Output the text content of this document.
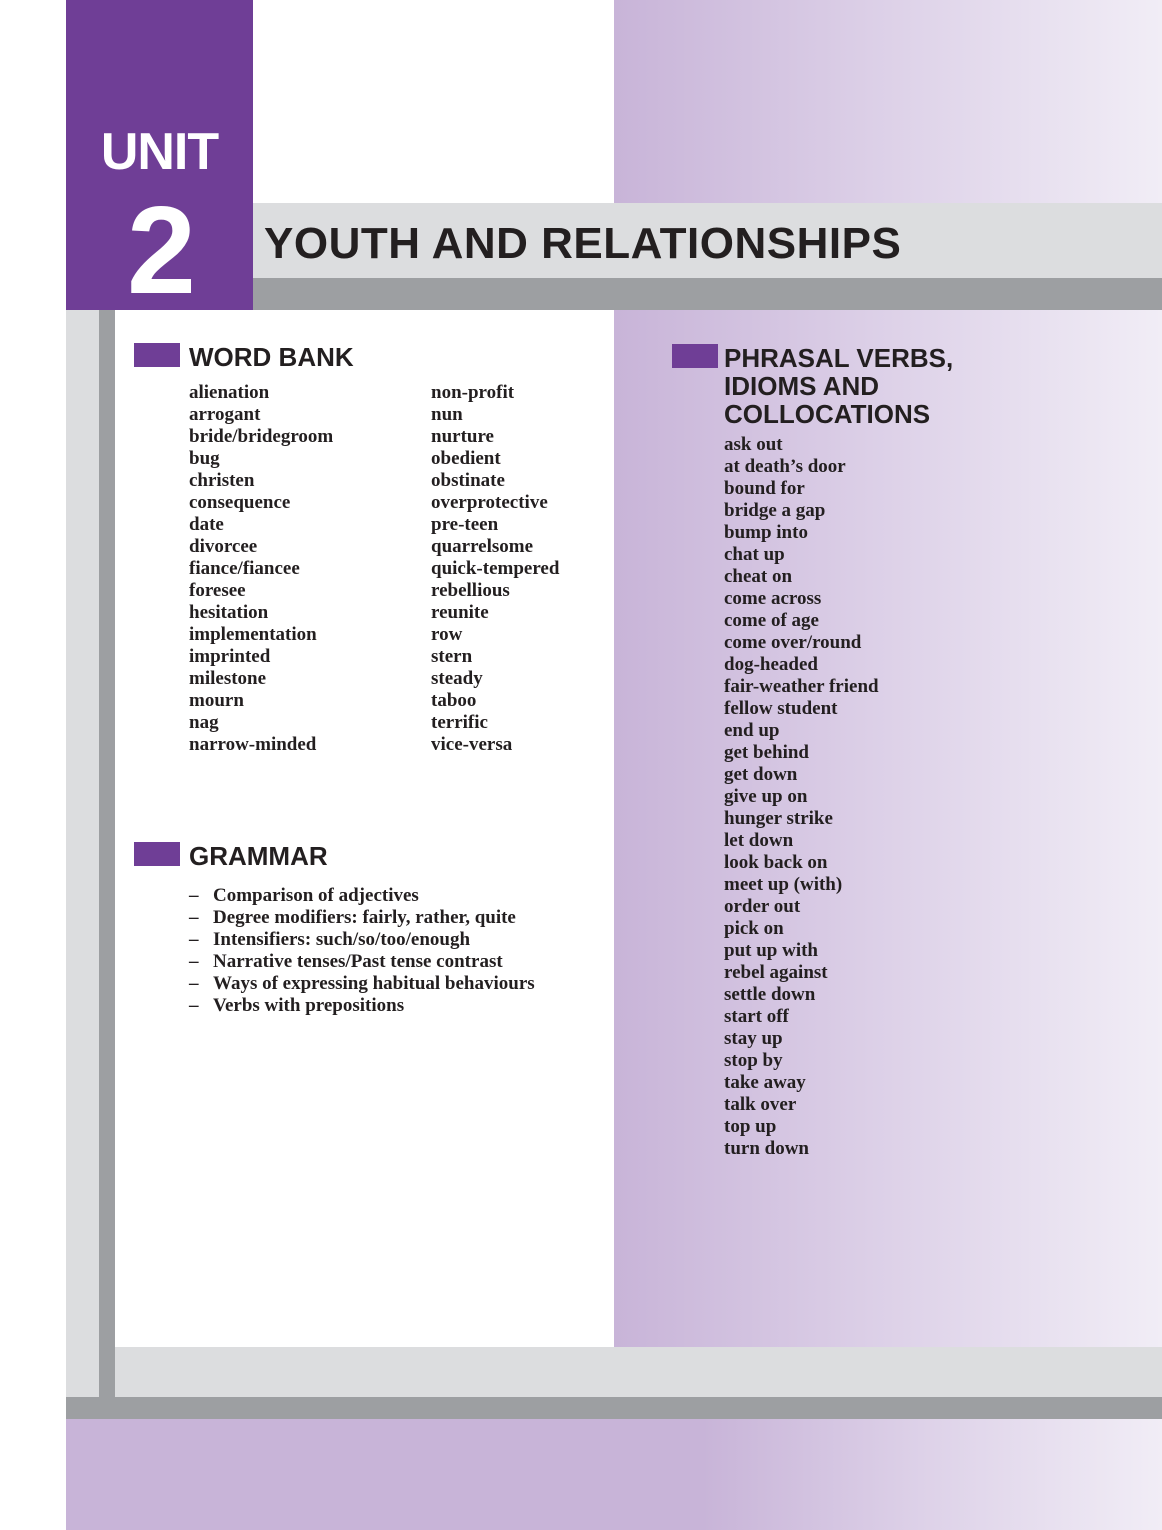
UNIT
2	YOUTH AND RELATIONSHIPS
WORD BANK
alienation
arrogant
bride/bridegroom
bug
christen
consequence
date
divorcee
fiance/fiancee
foresee
hesitation
implementation
imprinted
milestone
mourn
nag
narrow-minded
non-profit
nun
nurture
obedient
obstinate
overprotective
pre-teen
quarrelsome
quick-tempered
rebellious
reunite
row
stern
steady
taboo
terrific
vice-versa
GRAMMAR
– Comparison of adjectives
– Degree modifiers: fairly, rather, quite
– Intensifiers: such/so/too/enough
– Narrative tenses/Past tense contrast
– Ways of expressing habitual behaviours
– Verbs with prepositions
PHRASAL VERBS,
IDIOMS AND
COLLOCATIONS
ask out
at death’s door
bound for
bridge a gap
bump into
chat up
cheat on
come across
come of age
come over/round
dog-headed
fair-weather friend
fellow student
end up
get behind
get down
give up on
hunger strike
let down
look back on
meet up (with)
order out
pick on
put up with
rebel against
settle down
start off
stay up
stop by
take away
talk over
top up
turn down
